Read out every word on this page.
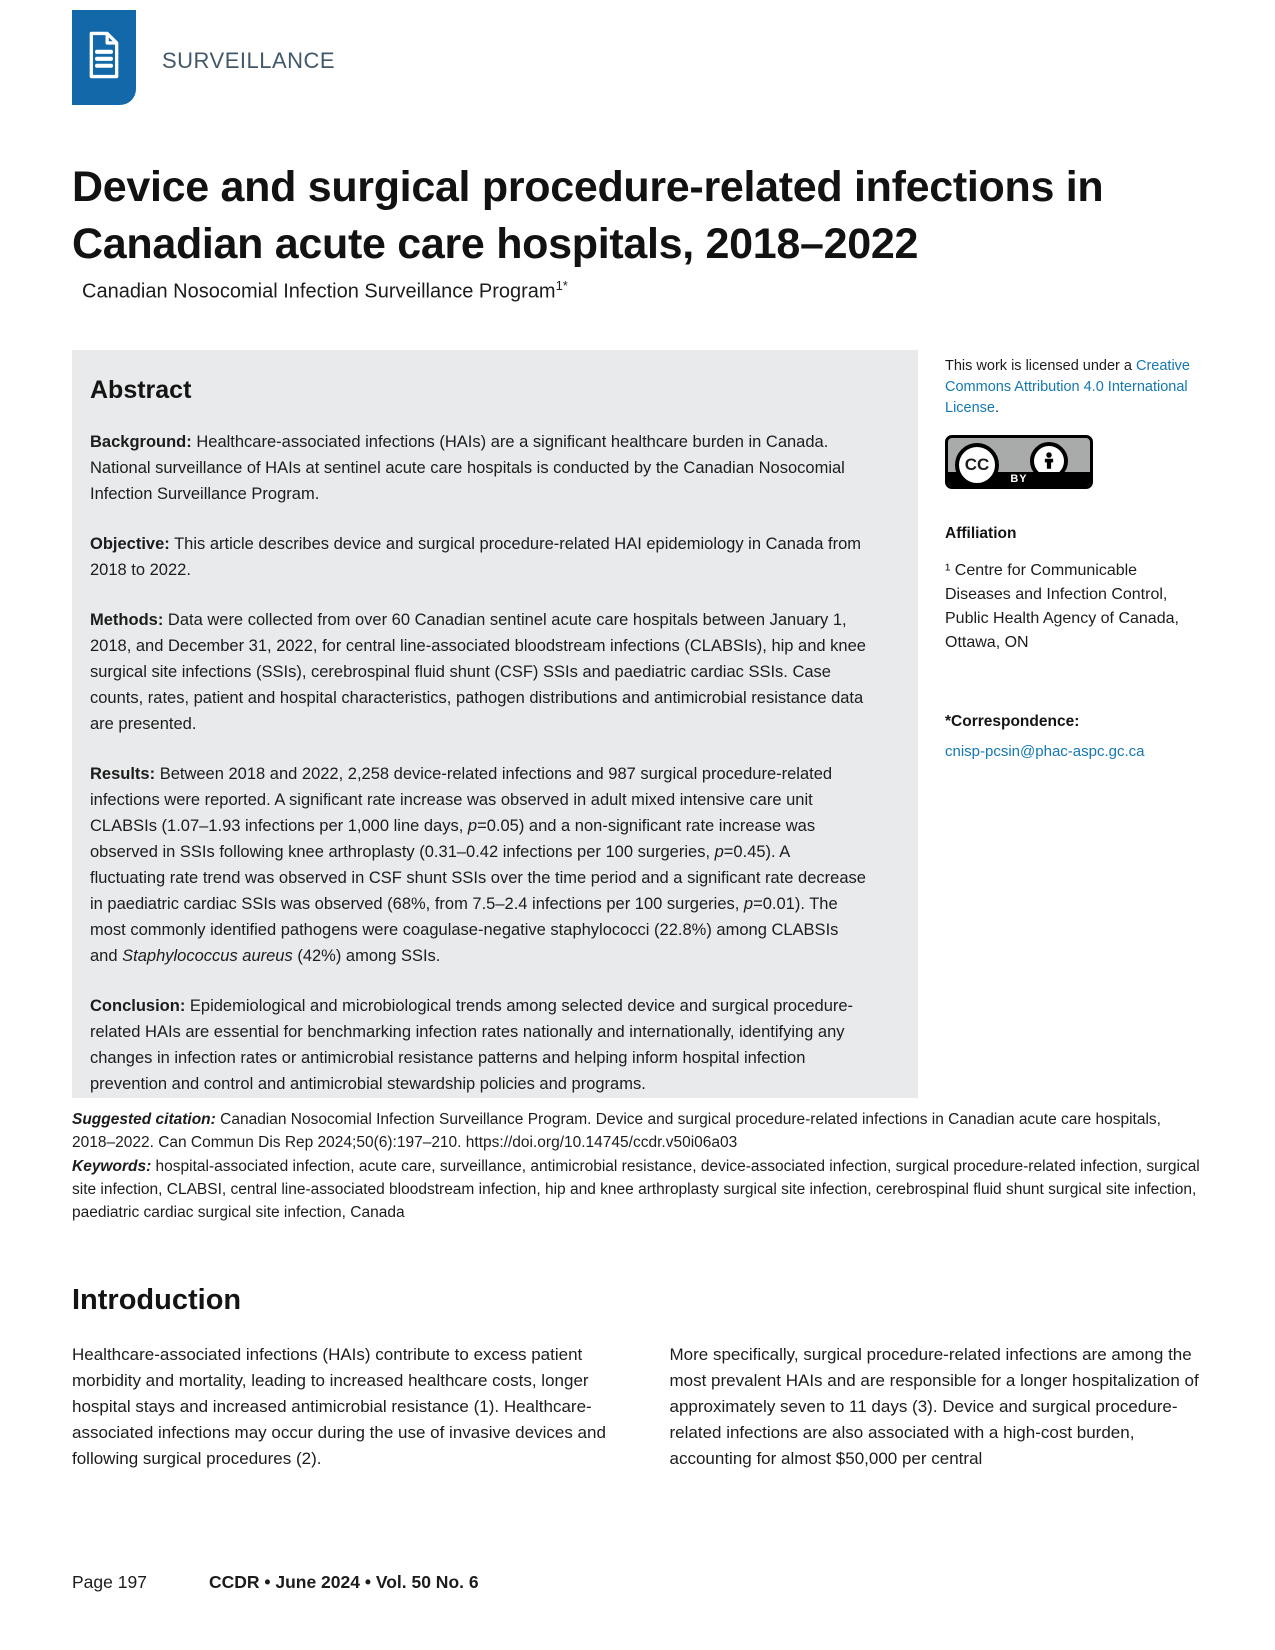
SURVEILLANCE
Device and surgical procedure-related infections in Canadian acute care hospitals, 2018–2022
Canadian Nosocomial Infection Surveillance Program$^{1*}$
Abstract

Background: Healthcare-associated infections (HAIs) are a significant healthcare burden in Canada. National surveillance of HAIs at sentinel acute care hospitals is conducted by the Canadian Nosocomial Infection Surveillance Program.

Objective: This article describes device and surgical procedure-related HAI epidemiology in Canada from 2018 to 2022.

Methods: Data were collected from over 60 Canadian sentinel acute care hospitals between January 1, 2018, and December 31, 2022, for central line-associated bloodstream infections (CLABSIs), hip and knee surgical site infections (SSIs), cerebrospinal fluid shunt (CSF) SSIs and paediatric cardiac SSIs. Case counts, rates, patient and hospital characteristics, pathogen distributions and antimicrobial resistance data are presented.

Results: Between 2018 and 2022, 2,258 device-related infections and 987 surgical procedure-related infections were reported. A significant rate increase was observed in adult mixed intensive care unit CLABSIs (1.07–1.93 infections per 1,000 line days, p=0.05) and a non-significant rate increase was observed in SSIs following knee arthroplasty (0.31–0.42 infections per 100 surgeries, p=0.45). A fluctuating rate trend was observed in CSF shunt SSIs over the time period and a significant rate decrease in paediatric cardiac SSIs was observed (68%, from 7.5–2.4 infections per 100 surgeries, p=0.01). The most commonly identified pathogens were coagulase-negative staphylococci (22.8%) among CLABSIs and Staphylococcus aureus (42%) among SSIs.

Conclusion: Epidemiological and microbiological trends among selected device and surgical procedure-related HAIs are essential for benchmarking infection rates nationally and internationally, identifying any changes in infection rates or antimicrobial resistance patterns and helping inform hospital infection prevention and control and antimicrobial stewardship policies and programs.

This work is licensed under a Creative Commons Attribution 4.0 International License.

CC
BY

Affiliation

¹ Centre for Communicable Diseases and Infection Control, Public Health Agency of Canada, Ottawa, ON

*Correspondence:

cnisp-pcsin@phac-aspc.gc.ca

Suggested citation: Canadian Nosocomial Infection Surveillance Program. Device and surgical procedure-related infections in Canadian acute care hospitals, 2018–2022. Can Commun Dis Rep 2024;50(6):197–210. https://doi.org/10.14745/ccdr.v50i06a03

Keywords: hospital-associated infection, acute care, surveillance, antimicrobial resistance, device-associated infection, surgical procedure-related infection, surgical site infection, CLABSI, central line-associated bloodstream infection, hip and knee arthroplasty surgical site infection, cerebrospinal fluid shunt surgical site infection, paediatric cardiac surgical site infection, Canada

Introduction

Healthcare-associated infections (HAIs) contribute to excess patient morbidity and mortality, leading to increased healthcare costs, longer hospital stays and increased antimicrobial resistance (1). Healthcare-associated infections may occur during the use of invasive devices and following surgical procedures (2).

More specifically, surgical procedure-related infections are among the most prevalent HAIs and are responsible for a longer hospitalization of approximately seven to 11 days (3). Device and surgical procedure-related infections are also associated with a high-cost burden, accounting for almost $50,000 per central

Page 197	CCDR • June 2024 • Vol. 50 No. 6
